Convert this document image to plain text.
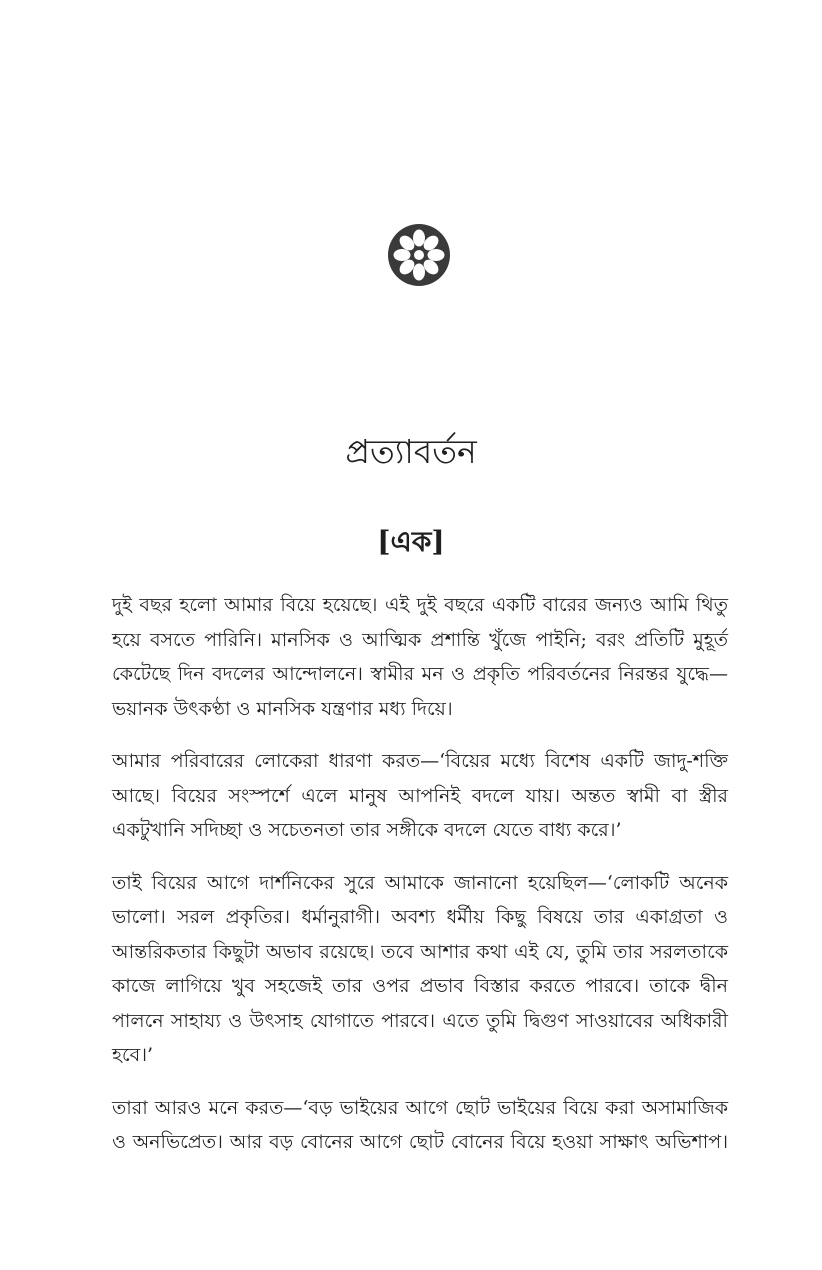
প্রত্যাবর্তন
[এক]

দুই বছর হলো আমার বিয়ে হয়েছে। এই দুই বছরে একটি বারের জন্যও আমি থিতু হয়ে বসতে পারিনি। মানসিক ও আত্মিক প্রশান্তি খুঁজে পাইনি; বরং প্রতিটি মুহূর্ত কেটেছে দিন বদলের আন্দোলনে। স্বামীর মন ও প্রকৃতি পরিবর্তনের নিরন্তর যুদ্ধে—ভয়ানক উৎকণ্ঠা ও মানসিক যন্ত্রণার মধ্য দিয়ে।

আমার পরিবারের লোকেরা ধারণা করত—‘বিয়ের মধ্যে বিশেষ একটি জাদু-শক্তি আছে। বিয়ের সংস্পর্শে এলে মানুষ আপনিই বদলে যায়। অন্তত স্বামী বা স্ত্রীর একটুখানি সদিচ্ছা ও সচেতনতা তার সঙ্গীকে বদলে যেতে বাধ্য করে।’

তাই বিয়ের আগে দার্শনিকের সুরে আমাকে জানানো হয়েছিল—‘লোকটি অনেক ভালো। সরল প্রকৃতির। ধর্মানুরাগী। অবশ্য ধর্মীয় কিছু বিষয়ে তার একাগ্রতা ও আন্তরিকতার কিছুটা অভাব রয়েছে। তবে আশার কথা এই যে, তুমি তার সরলতাকে কাজে লাগিয়ে খুব সহজেই তার ওপর প্রভাব বিস্তার করতে পারবে। তাকে দ্বীন পালনে সাহায্য ও উৎসাহ যোগাতে পারবে। এতে তুমি দ্বিগুণ সাওয়াবের অধিকারী হবে।’

তারা আরও মনে করত—‘বড় ভাইয়ের আগে ছোট ভাইয়ের বিয়ে করা অসামাজিক ও অনভিপ্রেত। আর বড় বোনের আগে ছোট বোনের বিয়ে হওয়া সাক্ষাৎ অভিশাপ।
